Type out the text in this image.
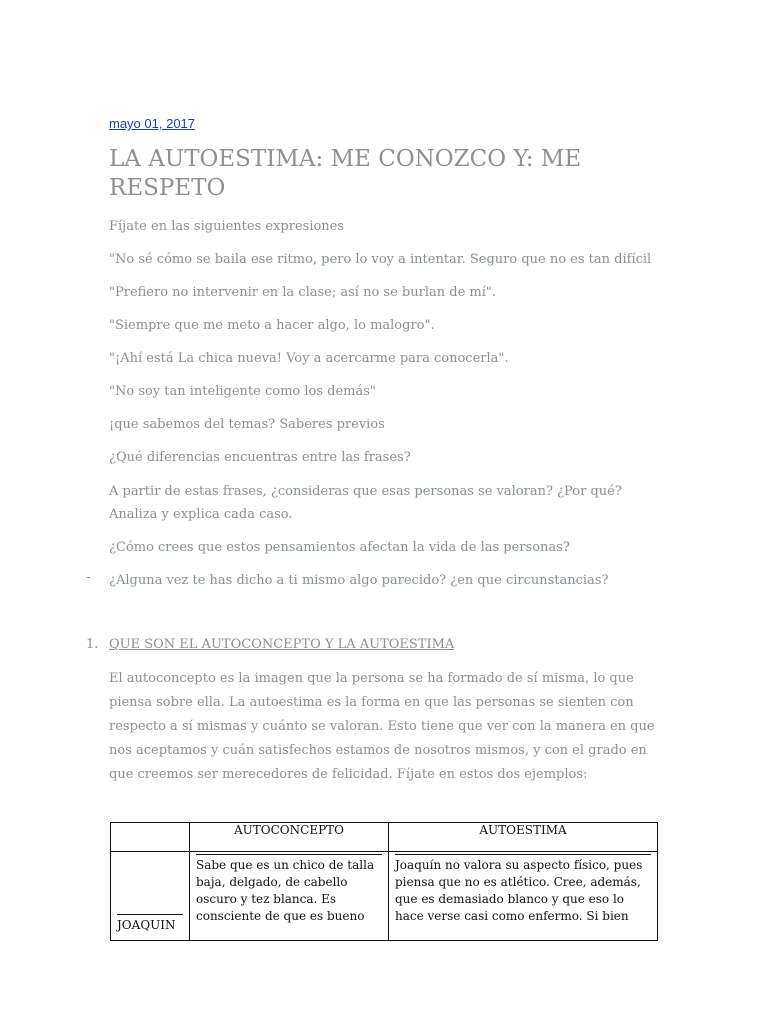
mayo 01, 2017
LA AUTOESTIMA: ME CONOZCO Y: ME RESPETO

Fíjate en las siguientes expresiones

"No sé cómo se baila ese ritmo, pero lo voy a intentar. Seguro que no es tan difícil

"Prefiero no intervenir en la clase; así no se burlan de mí".

"Siempre que me meto a hacer algo, lo malogro".

"¡Ahí está La chica nueva! Voy a acercarme para conocerla".

"No soy tan inteligente como los demás"

¡que sabemos del temas? Saberes previos

¿Qué diferencias encuentras entre las frases?

A partir de estas frases, ¿consideras que esas personas se valoran? ¿Por qué? Analiza y explica cada caso.

¿Cómo crees que estos pensamientos afectan la vida de las personas?

- ¿Alguna vez te has dicho a ti mismo algo parecido? ¿en que circunstancias?

1. QUE SON EL AUTOCONCEPTO Y LA AUTOESTIMA

El autoconcepto es la imagen que la persona se ha formado de sí misma, lo que piensa sobre ella. La autoestima es la forma en que las personas se sienten con respecto a sí mismas y cuánto se valoran. Esto tiene que ver con la manera en que nos aceptamos y cuán satisfechos estamos de nosotros mismos, y con el grado en que creemos ser merecedores de felicidad. Fíjate en estos dos ejemplos:

	AUTOCONCEPTO	AUTOESTIMA

JOAQUIN	Sabe que es un chico de talla baja, delgado, de cabello oscuro y tez blanca. Es consciente de que es bueno	Joaquín no valora su aspecto físico, pues piensa que no es atlético. Cree, además, que es demasiado blanco y que eso lo hace verse casi como enfermo. Si bien
